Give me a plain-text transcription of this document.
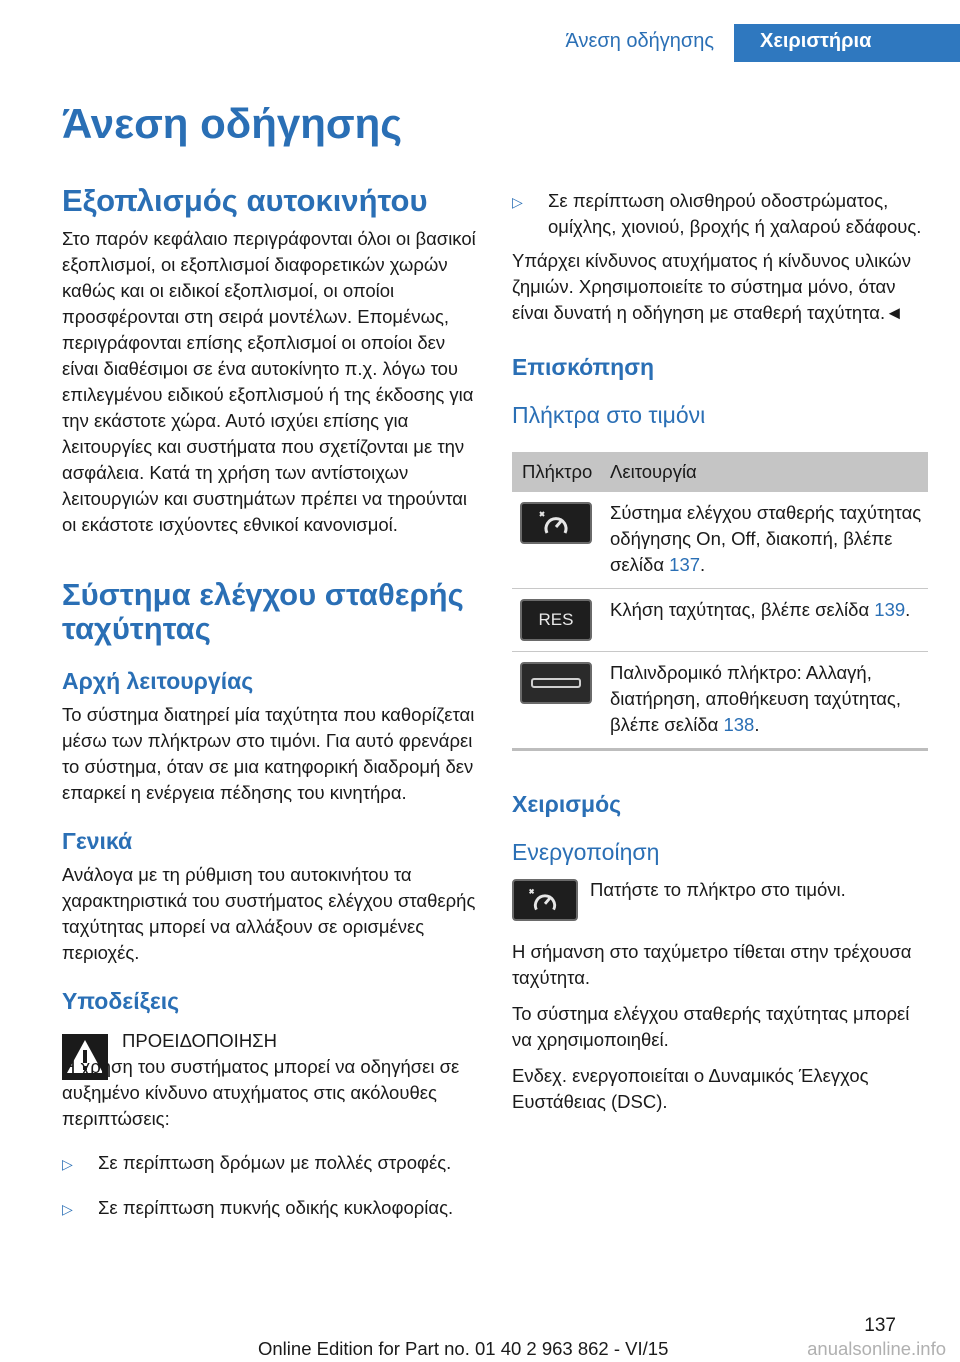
Άνεση οδήγησης	Χειριστήρια
Άνεση οδήγησης
Εξοπλισμός αυτοκινήτου
Στο παρόν κεφάλαιο περιγράφονται όλοι οι βασικοί εξοπλισμοί, οι εξοπλισμοί διαφορετικών χωρών καθώς και οι ειδικοί εξοπλισμοί, οι οποίοι προσφέρονται στη σειρά μοντέλων. Επομένως, περιγράφονται επίσης εξοπλισμοί οι οποίοι δεν είναι διαθέσιμοι σε ένα αυτοκίνητο π.χ. λόγω του επιλεγμένου ειδικού εξοπλισμού ή της έκδοσης για την εκάστοτε χώρα. Αυτό ισχύει επίσης για λειτουργίες και συστήματα που σχετίζονται με την ασφάλεια. Κατά τη χρήση των αντίστοιχων λειτουργιών και συστημάτων πρέπει να τηρούνται οι εκάστοτε ισχύοντες εθνικοί κανονισμοί.
Σύστημα ελέγχου σταθερής ταχύτητας
Αρχή λειτουργίας
Το σύστημα διατηρεί μία ταχύτητα που καθορίζεται μέσω των πλήκτρων στο τιμόνι. Για αυτό φρενάρει το σύστημα, όταν σε μια κατηφορική διαδρομή δεν επαρκεί η ενέργεια πέδησης του κινητήρα.
Γενικά
Ανάλογα με τη ρύθμιση του αυτοκινήτου τα χαρακτηριστικά του συστήματος ελέγχου σταθερής ταχύτητας μπορεί να αλλάξουν σε ορισμένες περιοχές.
Υποδείξεις
ΠΡΟΕΙΔΟΠΟΙΗΣΗ
Η χρήση του συστήματος μπορεί να οδηγήσει σε αυξημένο κίνδυνο ατυχήματος στις ακόλουθες περιπτώσεις:
▷	Σε περίπτωση δρόμων με πολλές στροφές.
▷	Σε περίπτωση πυκνής οδικής κυκλοφορίας.
▷	Σε περίπτωση ολισθηρού οδοστρώματος, ομίχλης, χιονιού, βροχής ή χαλαρού εδάφους.
Υπάρχει κίνδυνος ατυχήματος ή κίνδυνος υλικών ζημιών. Χρησιμοποιείτε το σύστημα μόνο, όταν είναι δυνατή η οδήγηση με σταθερή ταχύτητα.◄
Επισκόπηση
Πλήκτρα στο τιμόνι
Πλήκτρο	Λειτουργία

	Σύστημα ελέγχου σταθερής ταχύτητας οδήγησης On, Off, διακοπή, βλέπε σελίδα 137.

RES	Κλήση ταχύτητας, βλέπε σελίδα 139.

	Παλινδρομικό πλήκτρο: Αλλαγή, διατήρηση, αποθήκευση ταχύτητας, βλέπε σελίδα 138.
Χειρισμός
Ενεργοποίηση
Πατήστε το πλήκτρο στο τιμόνι.
Η σήμανση στο ταχύμετρο τίθεται στην τρέχουσα ταχύτητα.
Το σύστημα ελέγχου σταθερής ταχύτητας μπορεί να χρησιμοποιηθεί.
Ενδεχ. ενεργοποιείται ο Δυναμικός Έλεγχος Ευστάθειας (DSC).
137
Online Edition for Part no. 01 40 2 963 862 - VI/15	anualsonline.info
